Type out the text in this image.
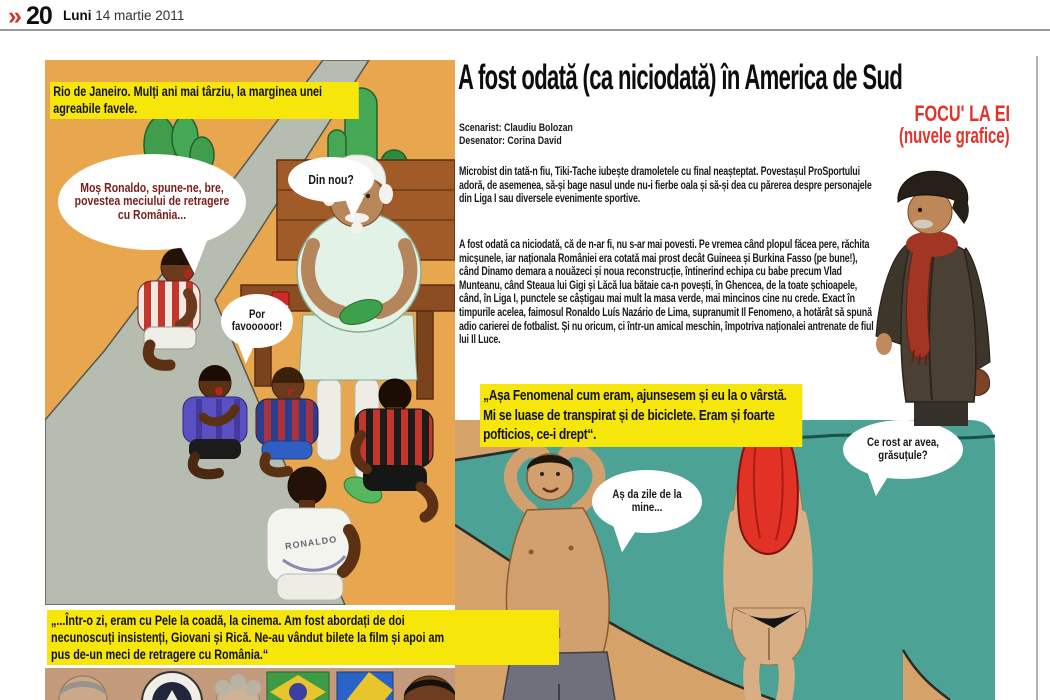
» 20 Luni 14 martie 2011
RONALDO
Rio de Janeiro. Mulți ani mai târziu, la marginea unei agreabile favele.
Moș Ronaldo, spune-ne, bre, povestea meciului de retragere cu România...
Din nou?
Por favooooor!
„...Într-o zi, eram cu Pele la coadă, la cinema. Am fost abordați de doi necunoscuți insistenți, Giovani și Rică. Ne-au vândut bilete la film și apoi am pus de-un meci de retragere cu România.“
A fost odată (ca niciodată) în America de Sud
FOCU' LA EI
(nuvele grafice)
Scenarist: Claudiu Bolozan
Desenator: Corina David
Microbist din tată-n fiu, Tiki-Tache iubește dramoletele cu final neașteptat. Povestașul ProSportului adoră, de asemenea, să-și bage nasul unde nu-i fierbe oala și să-și dea cu părerea despre personajele din Liga I sau diversele evenimente sportive.
A fost odată ca niciodată, că de n-ar fi, nu s-ar mai povesti. Pe vremea când plopul făcea pere, răchita micșunele, iar naționala României era cotată mai prost decât Guineea și Burkina Fasso (pe bune!), când Dinamo demara a nouăzeci și noua reconstrucție, întinerind echipa cu babe precum Vlad Munteanu, când Steaua lui Gigi și Lăcă lua bătaie ca-n povești, în Ghencea, de la toate șchioapele, când, în Liga I, punctele se câștigau mai mult la masa verde, mai mincinos cine nu crede. Exact în timpurile acelea, faimosul Ronaldo Luís Nazário de Lima, supranumit Il Fenomeno, a hotărât să spună adio carierei de fotbalist. Și nu oricum, ci într-un amical meschin, împotriva naționalei antrenate de fiul lui Il Luce.
Aș da zile de la mine...
Ce rost ar avea, grăsuțule?
„Așa Fenomenal cum eram, ajunsesem și eu la o vârstă. Mi se luase de transpirat și de biciclete. Eram și foarte pofticios, ce-i drept“.
